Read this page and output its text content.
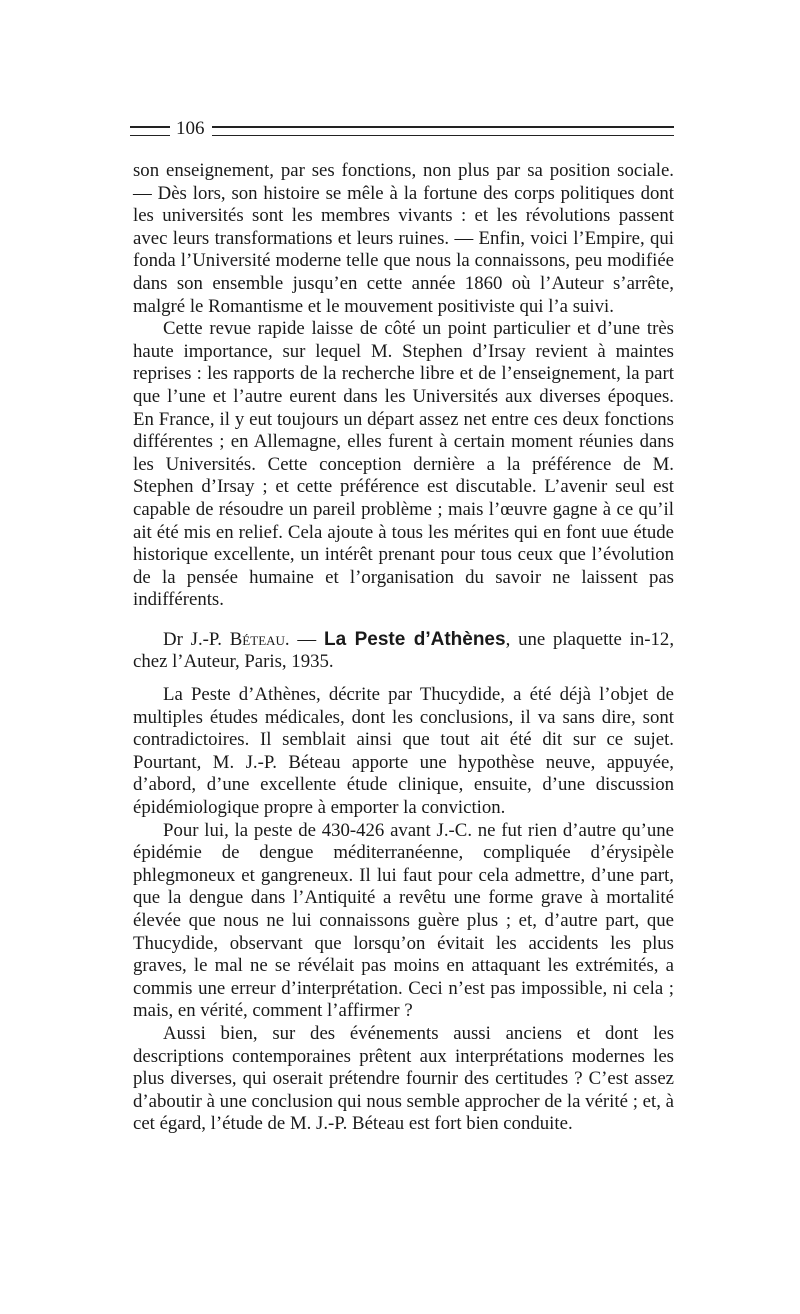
106

son enseignement, par ses fonctions, non plus par sa position sociale. — Dès lors, son histoire se mêle à la fortune des corps politiques dont les universités sont les membres vivants : et les révolutions passent avec leurs transformations et leurs ruines. — Enfin, voici l’Empire, qui fonda l’Université moderne telle que nous la connaissons, peu modifiée dans son ensemble jusqu’en cette année 1860 où l’Auteur s’arrête, malgré le Romantisme et le mouvement positiviste qui l’a suivi.

Cette revue rapide laisse de côté un point particulier et d’une très haute importance, sur lequel M. Stephen d’Irsay revient à maintes reprises : les rapports de la recherche libre et de l’enseignement, la part que l’une et l’autre eurent dans les Universités aux diverses époques. En France, il y eut toujours un départ assez net entre ces deux fonctions différentes ; en Allemagne, elles furent à certain moment réunies dans les Universités. Cette conception dernière a la préférence de M. Stephen d’Irsay ; et cette préférence est discutable. L’avenir seul est capable de résoudre un pareil problème ; mais l’œuvre gagne à ce qu’il ait été mis en relief. Cela ajoute à tous les mérites qui en font uue étude historique excellente, un intérêt prenant pour tous ceux que l’évolution de la pensée humaine et l’organisation du savoir ne laissent pas indifférents.

Dr J.-P. Béteau. — La Peste d’Athènes, une plaquette in-12, chez l’Auteur, Paris, 1935.

La Peste d’Athènes, décrite par Thucydide, a été déjà l’objet de multiples études médicales, dont les conclusions, il va sans dire, sont contradictoires. Il semblait ainsi que tout ait été dit sur ce sujet. Pourtant, M. J.-P. Béteau apporte une hypothèse neuve, appuyée, d’abord, d’une excellente étude clinique, ensuite, d’une discussion épidémiologique propre à emporter la conviction.

Pour lui, la peste de 430-426 avant J.-C. ne fut rien d’autre qu’une épidémie de dengue méditerranéenne, compliquée d’érysipèle phlegmoneux et gangreneux. Il lui faut pour cela admettre, d’une part, que la dengue dans l’Antiquité a revêtu une forme grave à mortalité élevée que nous ne lui connaissons guère plus ; et, d’autre part, que Thucydide, observant que lorsqu’on évitait les accidents les plus graves, le mal ne se révélait pas moins en attaquant les extrémités, a commis une erreur d’interprétation. Ceci n’est pas impossible, ni cela ; mais, en vérité, comment l’affirmer ?

Aussi bien, sur des événements aussi anciens et dont les descriptions contemporaines prêtent aux interprétations modernes les plus diverses, qui oserait prétendre fournir des certitudes ? C’est assez d’aboutir à une conclusion qui nous semble approcher de la vérité ; et, à cet égard, l’étude de M. J.-P. Béteau est fort bien conduite.
